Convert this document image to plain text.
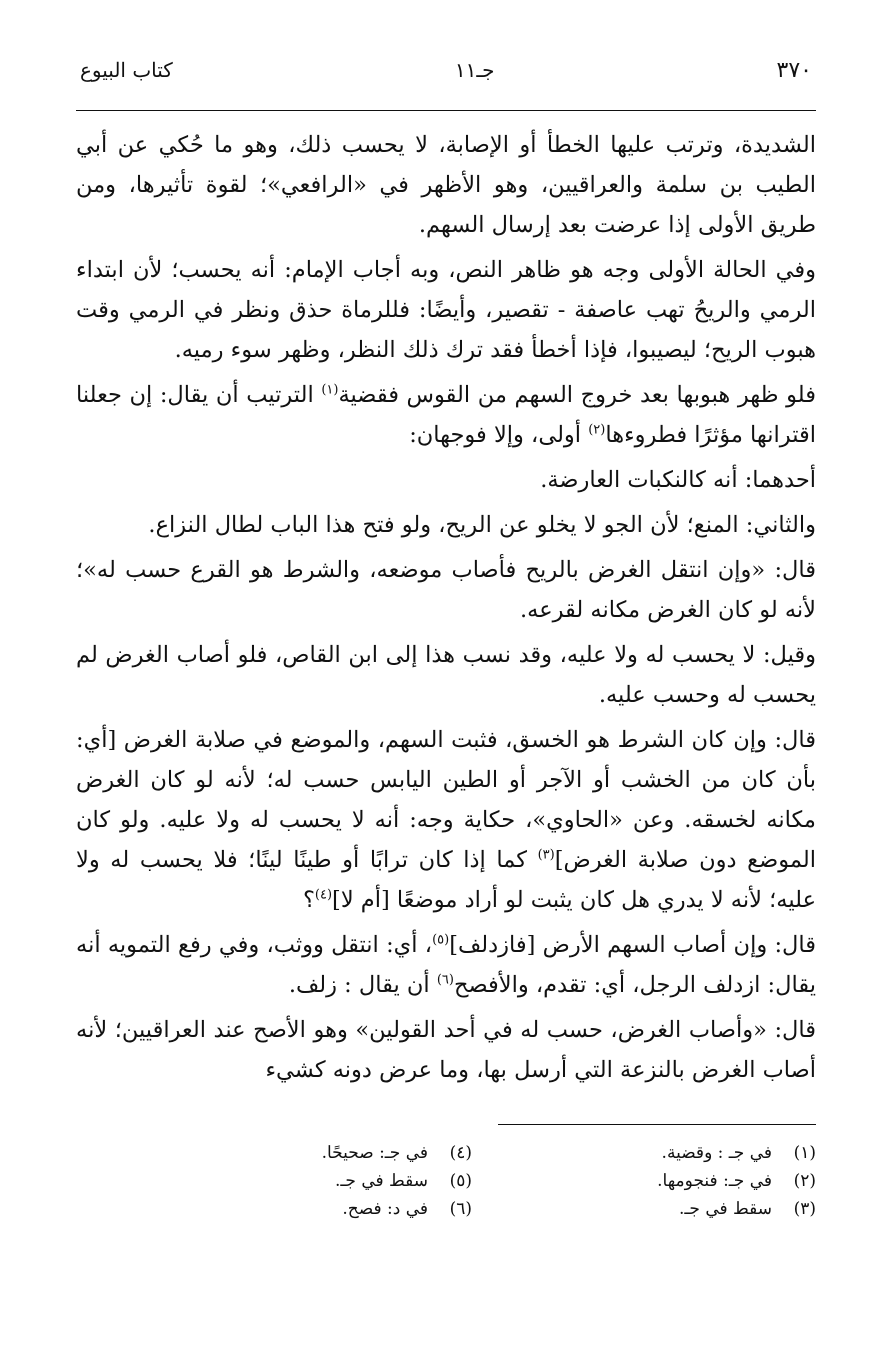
٣٧٠
جـ١١
كتاب البيوع

الشديدة، وترتب عليها الخطأ أو الإصابة، لا يحسب ذلك، وهو ما حُكي عن أبي الطيب بن سلمة والعراقيين، وهو الأظهر في «الرافعي»؛ لقوة تأثيرها، ومن طريق الأولى إذا عرضت بعد إرسال السهم.

وفي الحالة الأولى وجه هو ظاهر النص، وبه أجاب الإمام: أنه يحسب؛ لأن ابتداء الرمي والريحُ تهب عاصفة - تقصير، وأيضًا: فللرماة حذق ونظر في الرمي وقت هبوب الريح؛ ليصيبوا، فإذا أخطأ فقد ترك ذلك النظر، وظهر سوء رميه.

فلو ظهر هبوبها بعد خروج السهم من القوس فقضية$^{(١)}$ الترتيب أن يقال: إن جعلنا اقترانها مؤثرًا فطروءها$^{(٢)}$ أولى، وإلا فوجهان:

أحدهما: أنه كالنكبات العارضة.

والثاني: المنع؛ لأن الجو لا يخلو عن الريح، ولو فتح هذا الباب لطال النزاع.

قال: «وإن انتقل الغرض بالريح فأصاب موضعه، والشرط هو القرع حسب له»؛ لأنه لو كان الغرض مكانه لقرعه.

وقيل: لا يحسب له ولا عليه، وقد نسب هذا إلى ابن القاص، فلو أصاب الغرض لم يحسب له وحسب عليه.

قال: وإن كان الشرط هو الخسق، فثبت السهم، والموضع في صلابة الغرض [أي: بأن كان من الخشب أو الآجر أو الطين اليابس حسب له؛ لأنه لو كان الغرض مكانه لخسقه. وعن «الحاوي»، حكاية وجه: أنه لا يحسب له ولا عليه. ولو كان الموضع دون صلابة الغرض]$^{(٣)}$ كما إذا كان ترابًا أو طينًا لينًا؛ فلا يحسب له ولا عليه؛ لأنه لا يدري هل كان يثبت لو أراد موضعًا [أم لا]$^{(٤)}$؟

قال: وإن أصاب السهم الأرض [فازدلف]$^{(٥)}$، أي: انتقل ووثب، وفي رفع التمويه أنه يقال: ازدلف الرجل، أي: تقدم، والأفصح$^{(٦)}$ أن يقال : زلف.

قال: «وأصاب الغرض، حسب له في أحد القولين» وهو الأصح عند العراقيين؛ لأنه أصاب الغرض بالنزعة التي أرسل بها، وما عرض دونه كشيء

(١)
في جـ : وقضية.
(٢)
في جـ: فنجومها.
(٣)
سقط في جـ.
(٤)
في جـ: صحيحًا.
(٥)
سقط في جـ.
(٦)
في د: فصح.
